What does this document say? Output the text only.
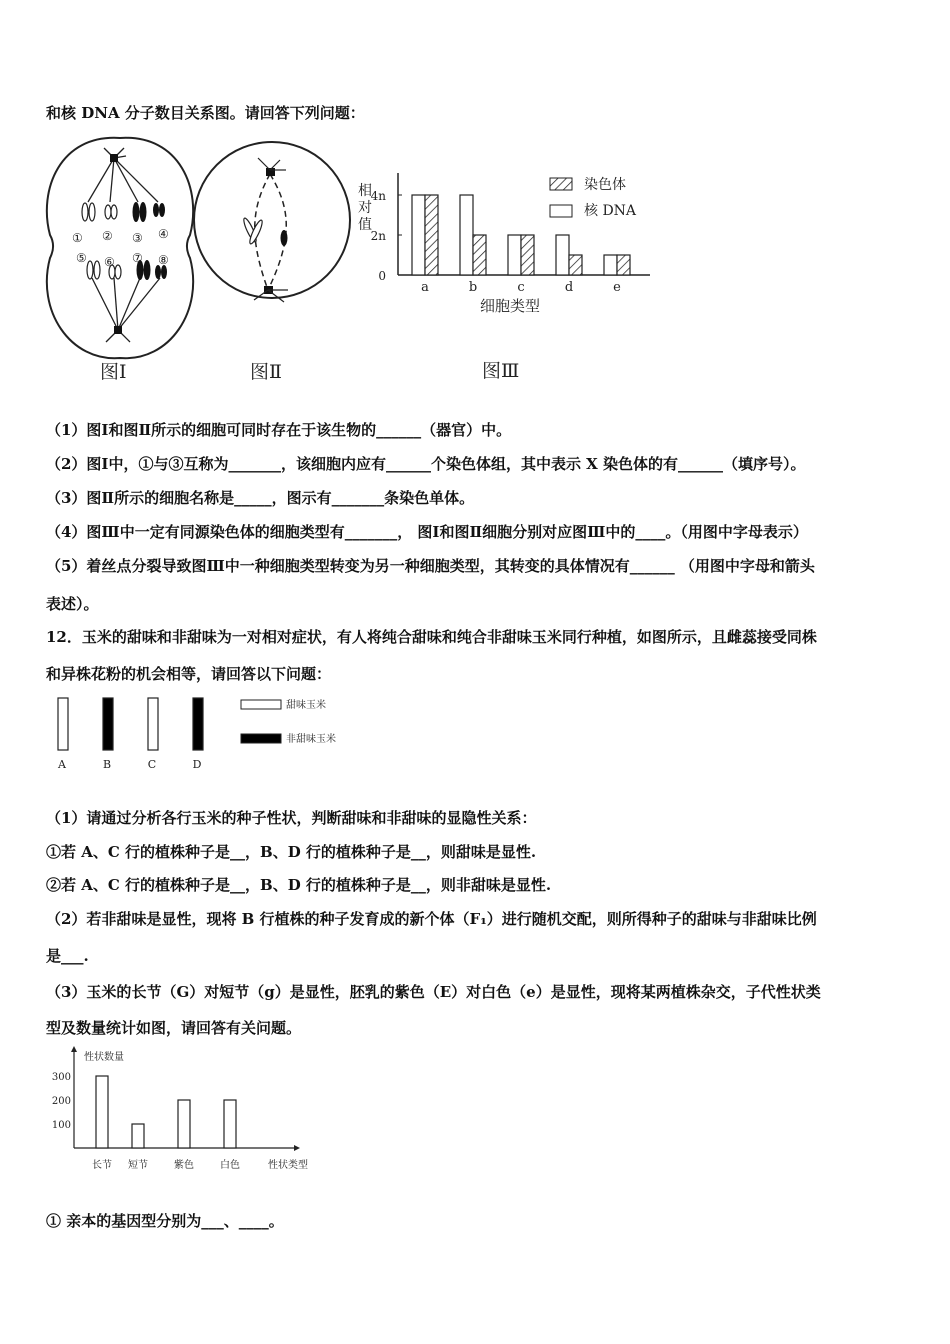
和核 DNA 分子数目关系图。请回答下列问题：
① ② ③ ④
⑤ ⑥ ⑦ ⑧
图Ⅰ	图Ⅱ
相对值
0
2n
4n
a	b	c	d	e
染色体
核 DNA
细胞类型
图Ⅲ
（1）图Ⅰ和图Ⅱ所示的细胞可同时存在于该生物的______（器官）中。
（2）图Ⅰ中，①与③互称为_______，该细胞内应有______个染色体组，其中表示 X 染色体的有______（填序号）。
（3）图Ⅱ所示的细胞名称是_____，图示有_______条染色单体。
（4）图Ⅲ中一定有同源染色体的细胞类型有_______， 图Ⅰ和图Ⅱ细胞分别对应图Ⅲ中的____。（用图中字母表示）
（5）着丝点分裂导致图Ⅲ中一种细胞类型转变为另一种细胞类型，其转变的具体情况有______ （用图中字母和箭头
表述）。
12．玉米的甜味和非甜味为一对相对症状，有人将纯合甜味和纯合非甜味玉米同行种植，如图所示，且雌蕊接受同株
和异株花粉的机会相等，请回答以下问题：
A	B	C	D
甜味玉米
非甜味玉米
（1）请通过分析各行玉米的种子性状，判断甜味和非甜味的显隐性关系：
①若 A、C 行的植株种子是__，B、D 行的植株种子是__，则甜味是显性.
②若 A、C 行的植株种子是__，B、D 行的植株种子是__，则非甜味是显性.
（2）若非甜味是显性，现将 B 行植株的种子发育成的新个体（F₁）进行随机交配，则所得种子的甜味与非甜味比例
是___.
（3）玉米的长节（G）对短节（g）是显性，胚乳的紫色（E）对白色（e）是显性，现将某两植株杂交，子代性状类
型及数量统计如图，请回答有关问题。
性状数量
性状类型
100
200
300
长节 短节	紫色	白色
① 亲本的基因型分别为___、____。
